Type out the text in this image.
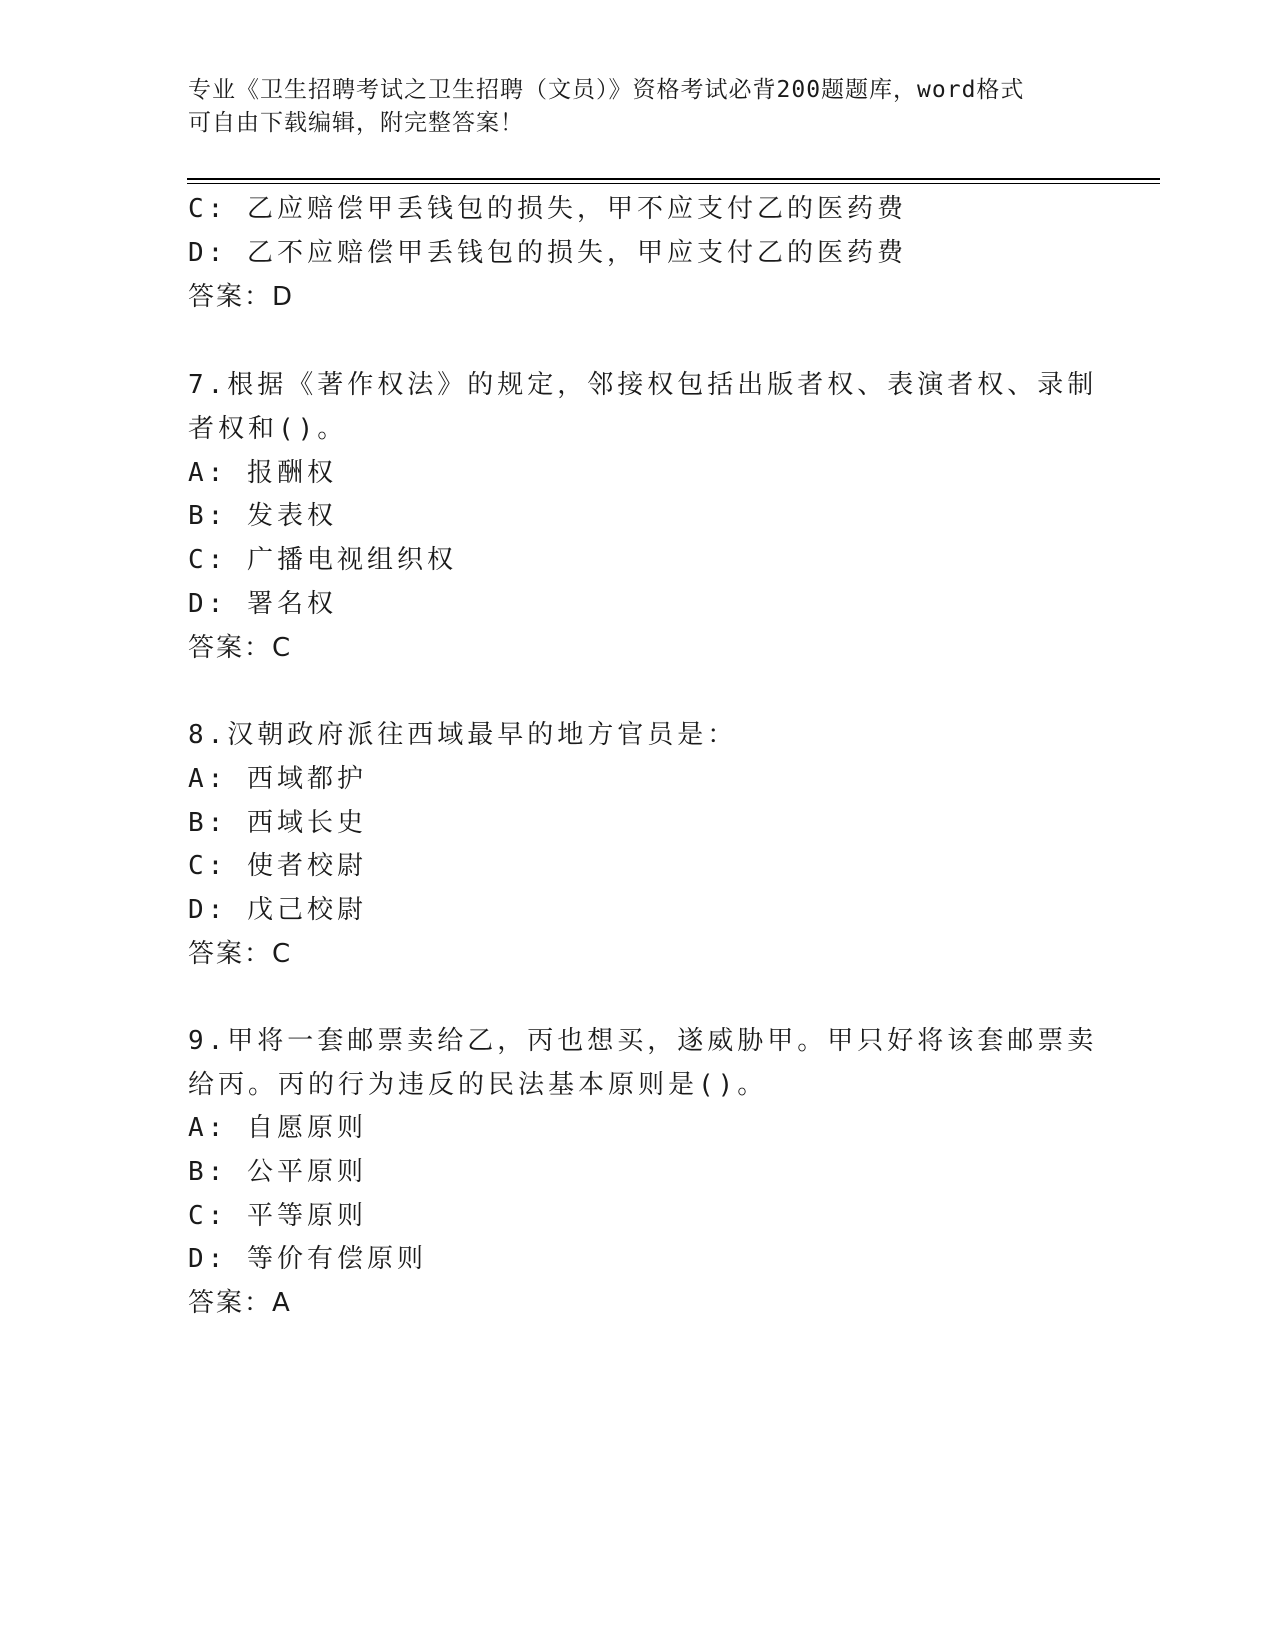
专业《卫生招聘考试之卫生招聘（文员）》资格考试必背200题题库，word格式
可自由下载编辑，附完整答案！
C: 乙应赔偿甲丢钱包的损失，甲不应支付乙的医药费
D: 乙不应赔偿甲丢钱包的损失，甲应支付乙的医药费
答案：D
7.根据《著作权法》的规定，邻接权包括出版者权、表演者权、录制
者权和()。
A: 报酬权
B: 发表权
C: 广播电视组织权
D: 署名权
答案：C
8.汉朝政府派往西域最早的地方官员是：
A: 西域都护
B: 西域长史
C: 使者校尉
D: 戊己校尉
答案：C
9.甲将一套邮票卖给乙，丙也想买，遂威胁甲。甲只好将该套邮票卖
给丙。丙的行为违反的民法基本原则是()。
A: 自愿原则
B: 公平原则
C: 平等原则
D: 等价有偿原则
答案：A
